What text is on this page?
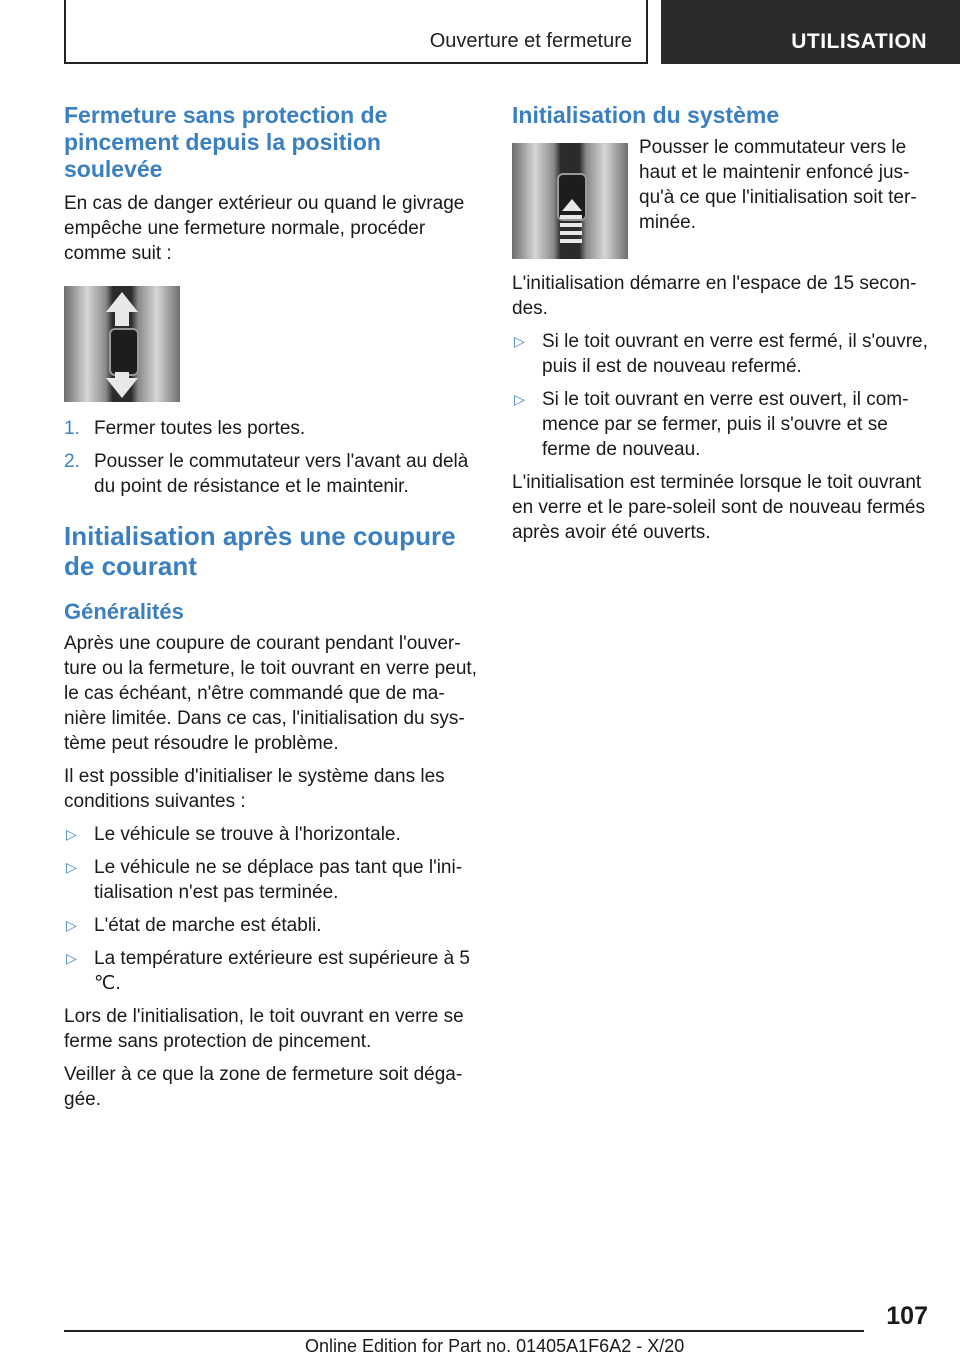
Ouverture et fermeture	UTILISATION
Fermeture sans protection de pincement depuis la position soulevée

En cas de danger extérieur ou quand le givrage empêche une fermeture normale, procéder comme suit :

1. Fermer toutes les portes.
2. Pousser le commutateur vers l'avant au delà du point de résistance et le maintenir.
Initialisation après une coupure de courant
Généralités

Après une coupure de courant pendant l'ouverture ou la fermeture, le toit ouvrant en verre peut, le cas échéant, n'être commandé que de manière limitée. Dans ce cas, l'initialisation du système peut résoudre le problème.

Il est possible d'initialiser le système dans les conditions suivantes :

▷ Le véhicule se trouve à l'horizontale.
▷ Le véhicule ne se déplace pas tant que l'initialisation n'est pas terminée.
▷ L'état de marche est établi.
▷ La température extérieure est supérieure à 5 ℃.

Lors de l'initialisation, le toit ouvrant en verre se ferme sans protection de pincement.

Veiller à ce que la zone de fermeture soit dégagée.

Initialisation du système

Pousser le commutateur vers le haut et le maintenir enfoncé jusqu'à ce que l'initialisation soit terminée.

L'initialisation démarre en l'espace de 15 secondes.

▷ Si le toit ouvrant en verre est fermé, il s'ouvre, puis il est de nouveau refermé.
▷ Si le toit ouvrant en verre est ouvert, il commence par se fermer, puis il s'ouvre et se ferme de nouveau.

L'initialisation est terminée lorsque le toit ouvrant en verre et le pare-soleil sont de nouveau fermés après avoir été ouverts.

107
Online Edition for Part no. 01405A1F6A2 - X/20
